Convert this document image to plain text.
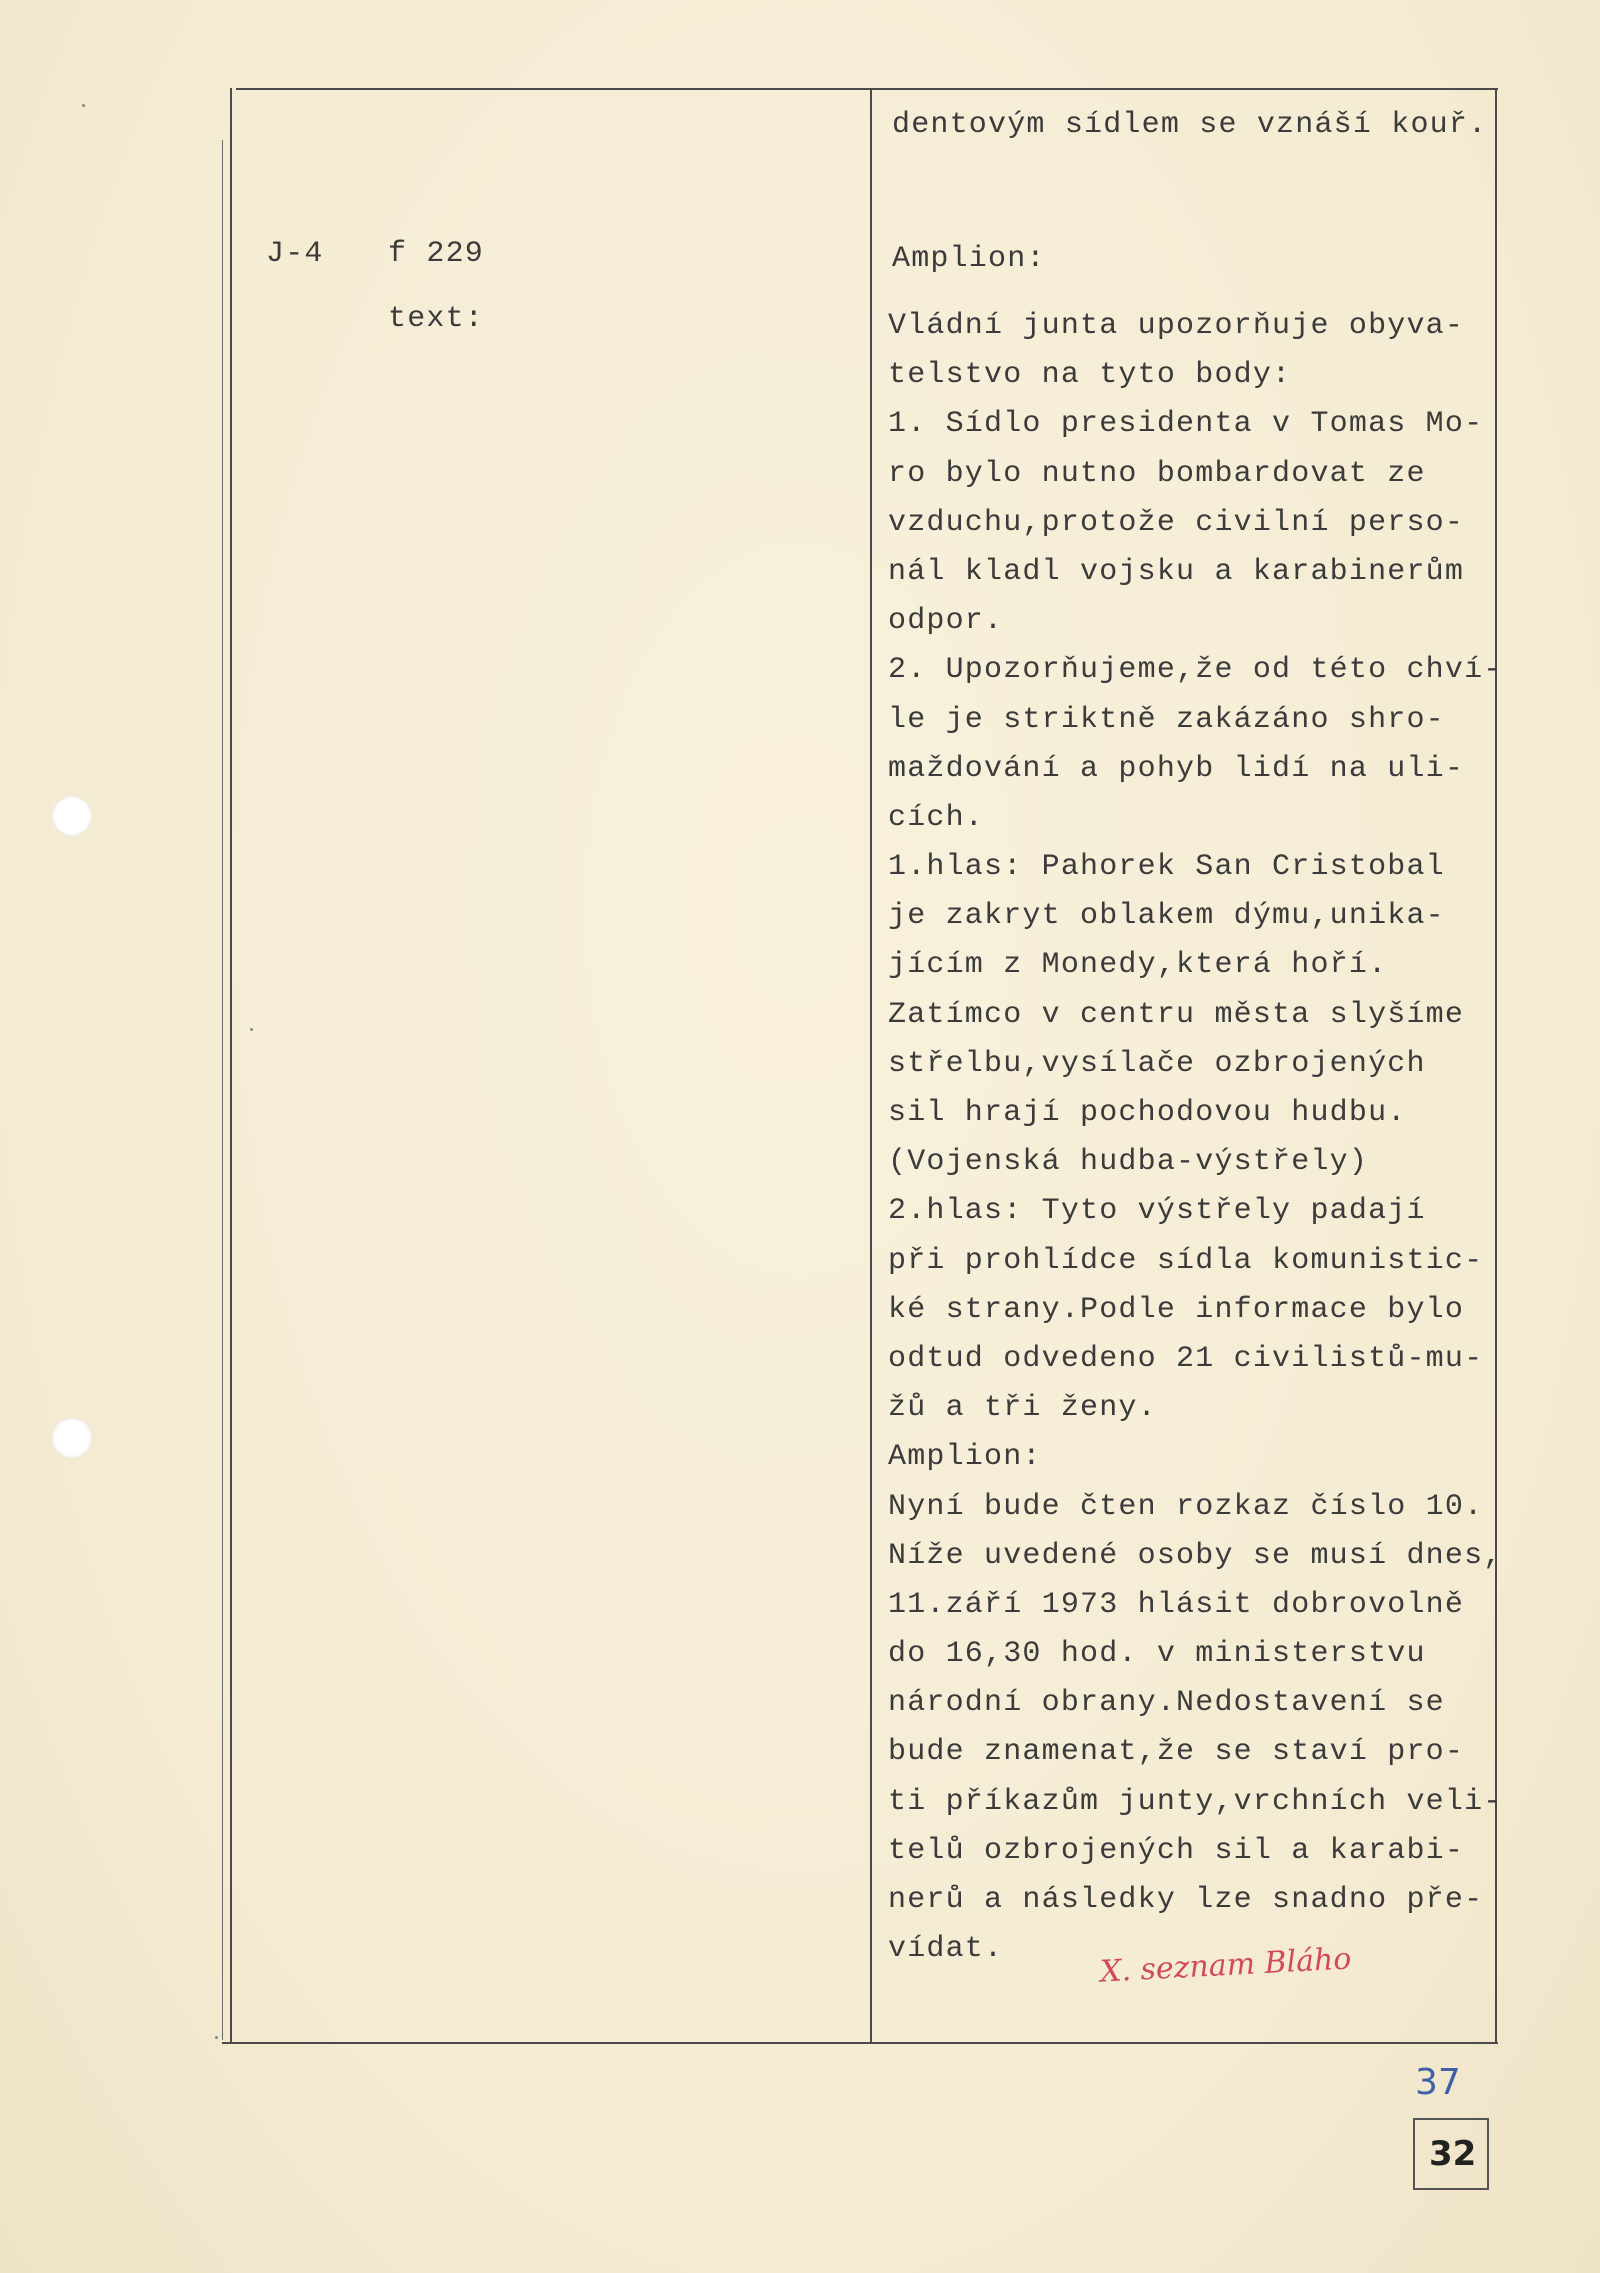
dentovým sídlem se vznáší kouř.
J-4 f 229
text:
Amplion:
Vládní junta upozorňuje obyva-
telstvo na tyto body:
1. Sídlo presidenta v Tomas Mo-
ro bylo nutno bombardovat ze
vzduchu,protože civilní perso-
nál kladl vojsku a karabinerům
odpor.
2. Upozorňujeme,že od této chví-
le je striktně zakázáno shro-
maždování a pohyb lidí na uli-
cích.
1.hlas: Pahorek San Cristobal
je zakryt oblakem dýmu,unika-
jícím z Monedy,která hoří.
Zatímco v centru města slyšíme
střelbu,vysílače ozbrojených
sil hrají pochodovou hudbu.
(Vojenská hudba-výstřely)
2.hlas: Tyto výstřely padají
při prohlídce sídla komunistic-
ké strany.Podle informace bylo
odtud odvedeno 21 civilistů-mu-
žů a tři ženy.
Amplion:
Nyní bude čten rozkaz číslo 10.
Níže uvedené osoby se musí dnes,
11.září 1973 hlásit dobrovolně
do 16,30 hod. v ministerstvu
národní obrany.Nedostavení se
bude znamenat,že se staví pro-
ti příkazům junty,vrchních veli-
telů ozbrojených sil a karabi-
nerů a následky lze snadno pře-
vídat.	X. seznam Bláho
37
32
